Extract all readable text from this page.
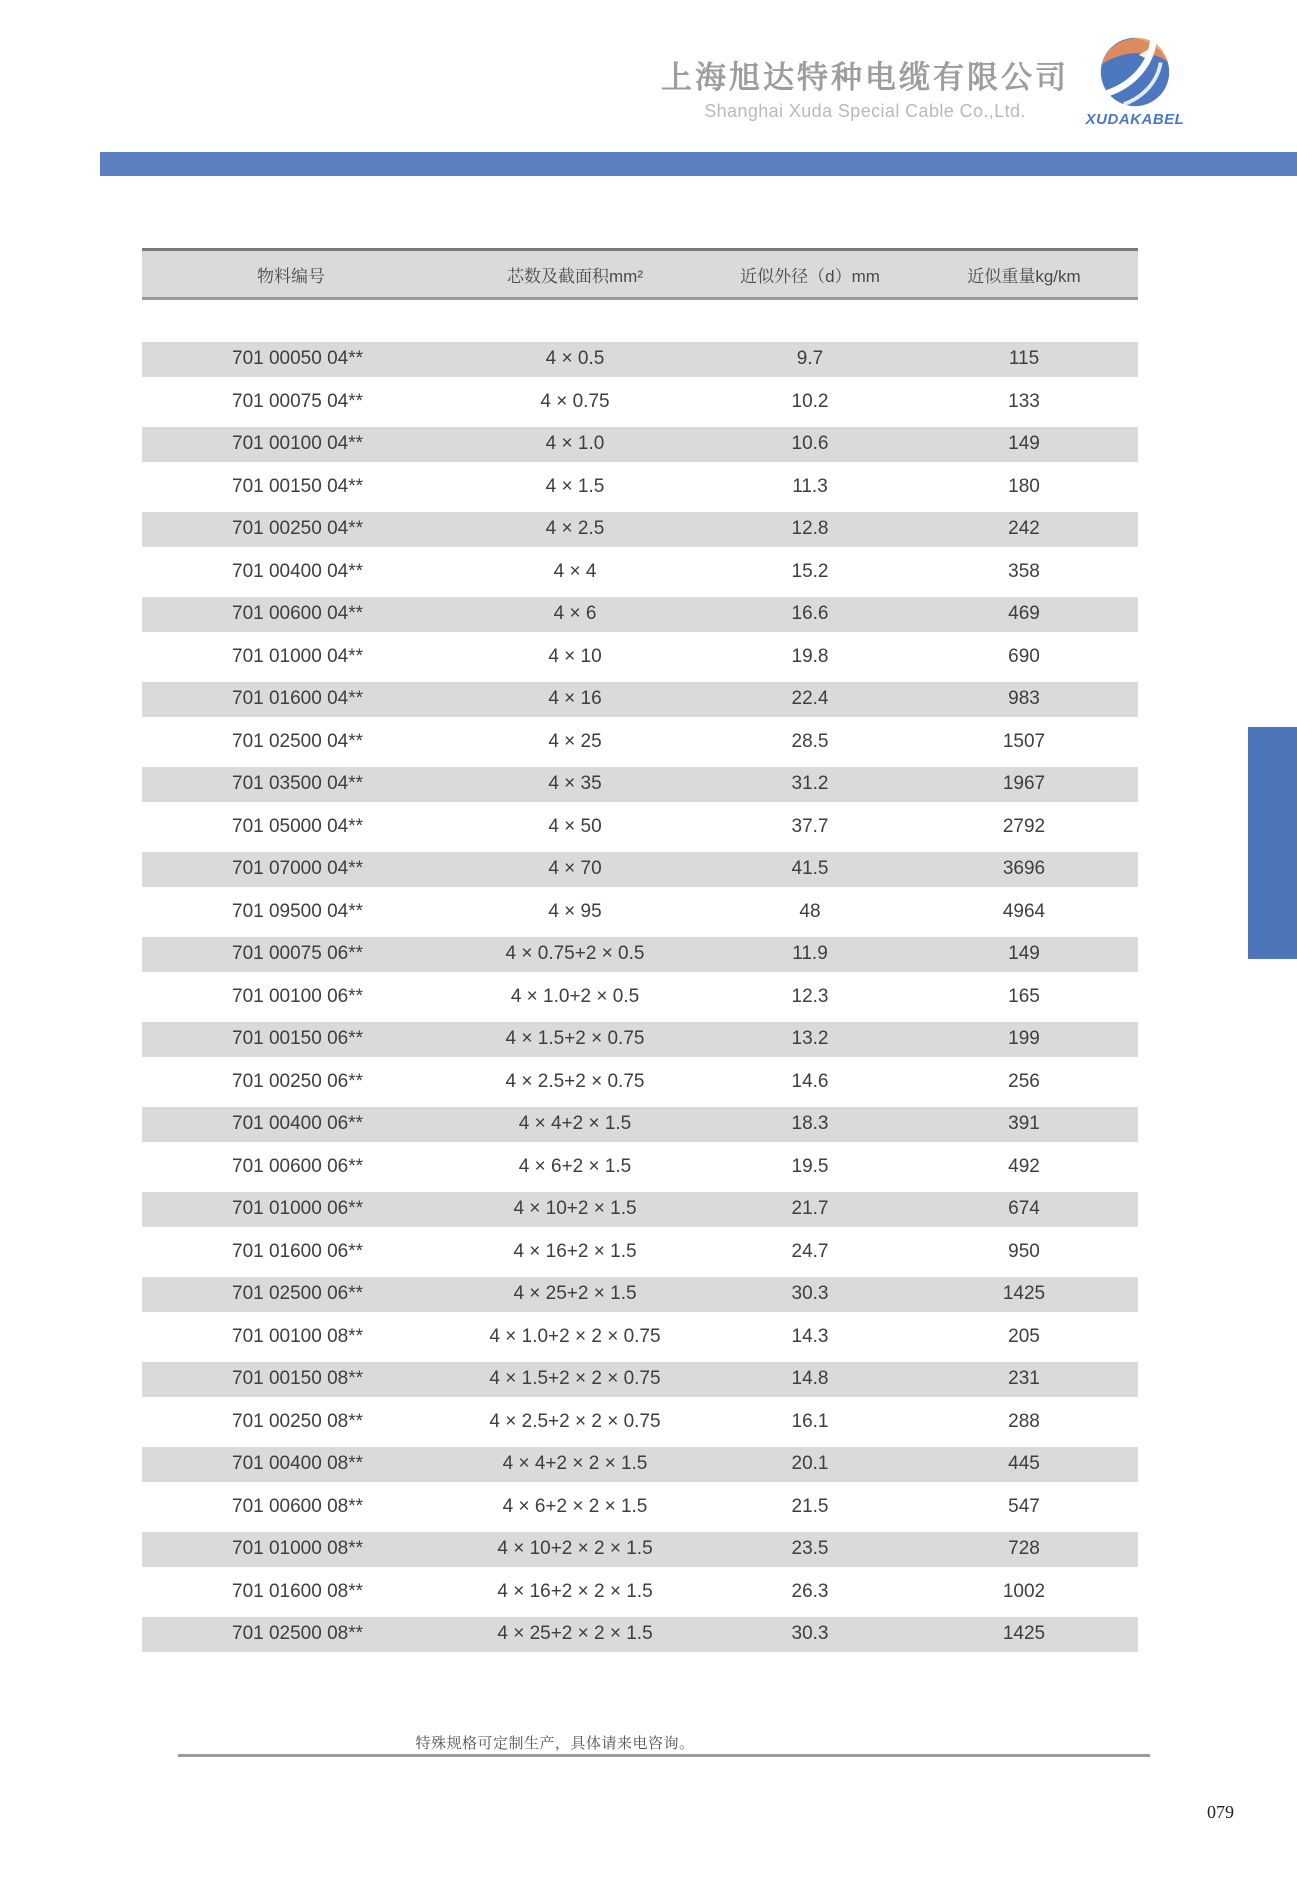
上海旭达特种电缆有限公司
Shanghai Xuda Special Cable Co.,Ltd.	XUDAKABEL
物料编号	芯数及截面积mm²	近似外径（d）mm	近似重量kg/km
701 00050 04**	4 × 0.5	9.7	115
701 00075 04**	4 × 0.75	10.2	133
701 00100 04**	4 × 1.0	10.6	149
701 00150 04**	4 × 1.5	11.3	180
701 00250 04**	4 × 2.5	12.8	242
701 00400 04**	4 × 4	15.2	358
701 00600 04**	4 × 6	16.6	469
701 01000 04**	4 × 10	19.8	690
701 01600 04**	4 × 16	22.4	983
701 02500 04**	4 × 25	28.5	1507
701 03500 04**	4 × 35	31.2	1967
701 05000 04**	4 × 50	37.7	2792
701 07000 04**	4 × 70	41.5	3696
701 09500 04**	4 × 95	48	4964
701 00075 06**	4 × 0.75+2 × 0.5	11.9	149
701 00100 06**	4 × 1.0+2 × 0.5	12.3	165
701 00150 06**	4 × 1.5+2 × 0.75	13.2	199
701 00250 06**	4 × 2.5+2 × 0.75	14.6	256
701 00400 06**	4 × 4+2 × 1.5	18.3	391
701 00600 06**	4 × 6+2 × 1.5	19.5	492
701 01000 06**	4 × 10+2 × 1.5	21.7	674
701 01600 06**	4 × 16+2 × 1.5	24.7	950
701 02500 06**	4 × 25+2 × 1.5	30.3	1425
701 00100 08**	4 × 1.0+2 × 2 × 0.75	14.3	205
701 00150 08**	4 × 1.5+2 × 2 × 0.75	14.8	231
701 00250 08**	4 × 2.5+2 × 2 × 0.75	16.1	288
701 00400 08**	4 × 4+2 × 2 × 1.5	20.1	445
701 00600 08**	4 × 6+2 × 2 × 1.5	21.5	547
701 01000 08**	4 × 10+2 × 2 × 1.5	23.5	728
701 01600 08**	4 × 16+2 × 2 × 1.5	26.3	1002
701 02500 08**	4 × 25+2 × 2 × 1.5	30.3	1425
特殊规格可定制生产，具体请来电咨询。
079
